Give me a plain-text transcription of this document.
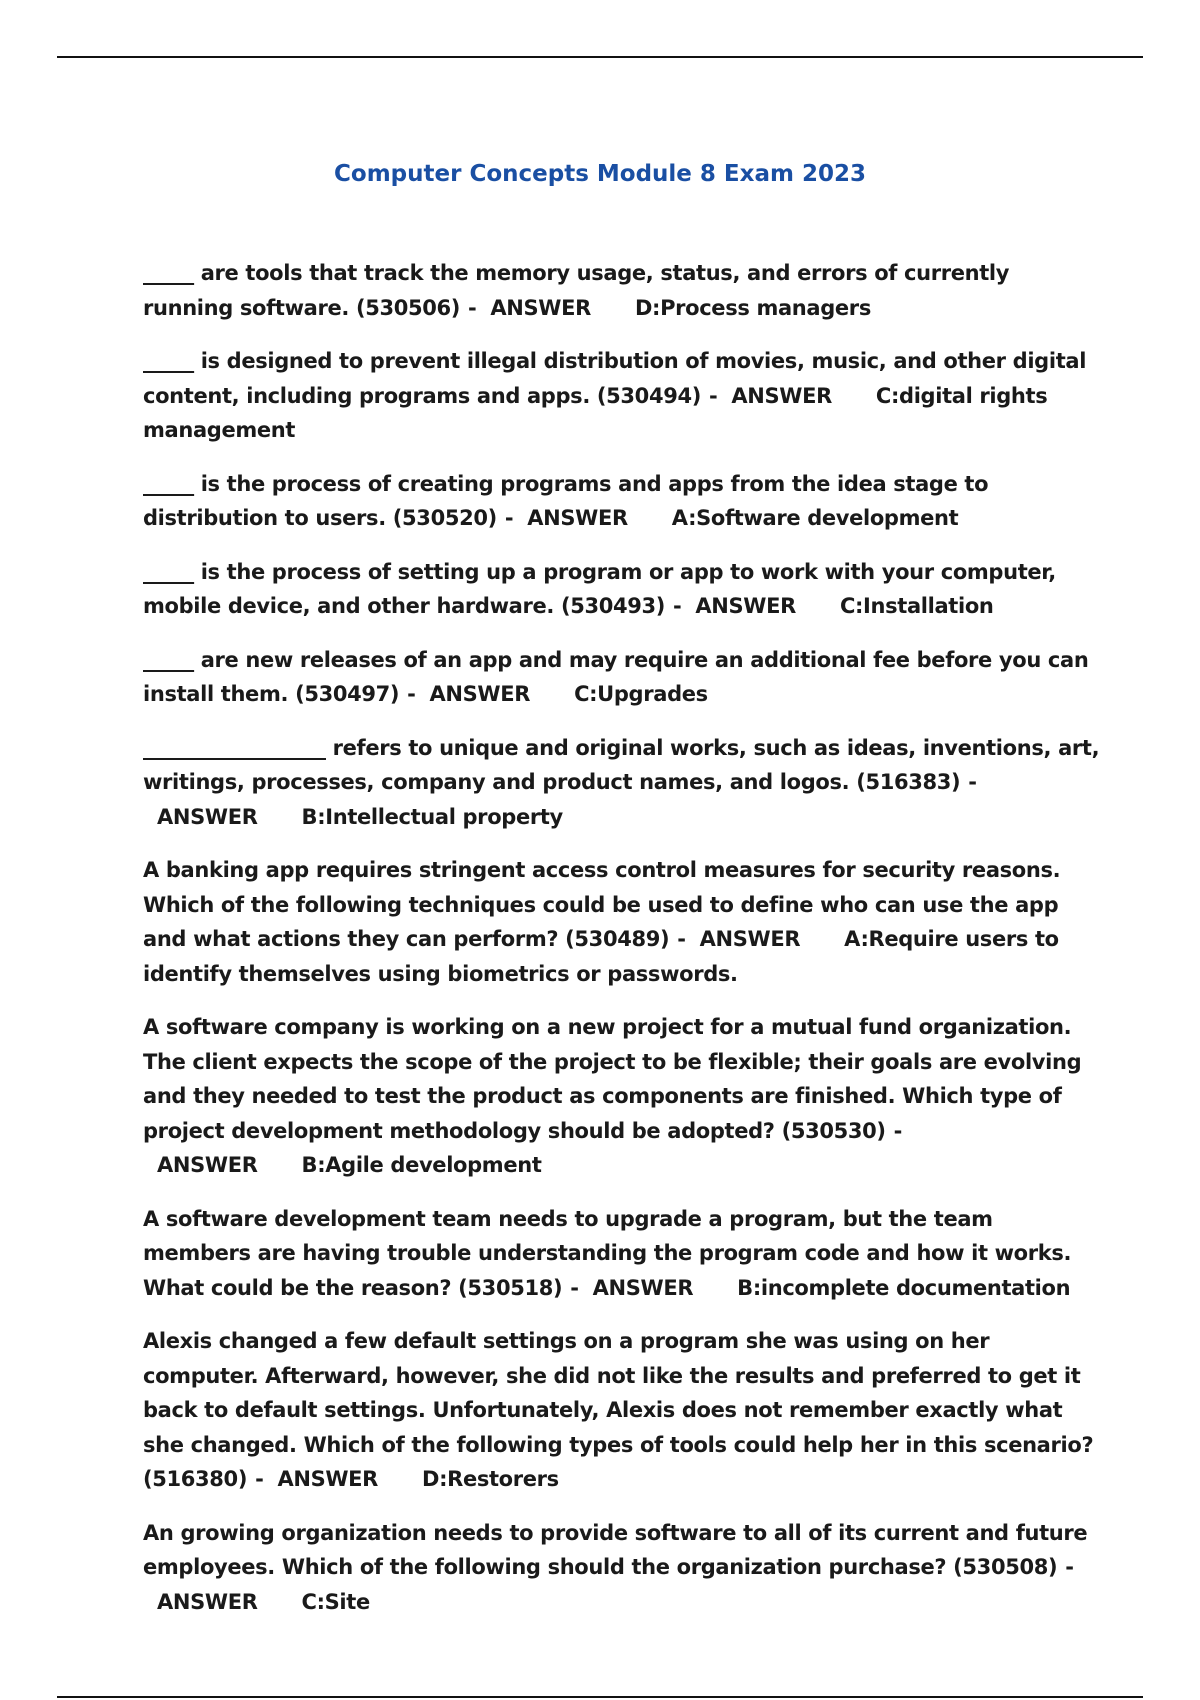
Computer Concepts Module 8 Exam 2023

_____ are tools that track the memory usage, status, and errors of currently running software. (530506) - ANSWER D:Process managers

_____ is designed to prevent illegal distribution of movies, music, and other digital content, including programs and apps. (530494) - ANSWER C:digital rights management

_____ is the process of creating programs and apps from the idea stage to distribution to users. (530520) - ANSWER A:Software development

_____ is the process of setting up a program or app to work with your computer, mobile device, and other hardware. (530493) - ANSWER C:Installation

_____ are new releases of an app and may require an additional fee before you can install them. (530497) - ANSWER C:Upgrades

__________________ refers to unique and original works, such as ideas, inventions, art, writings, processes, company and product names, and logos. (516383) -ANSWER B:Intellectual property

A banking app requires stringent access control measures for security reasons. Which of the following techniques could be used to define who can use the app and what actions they can perform? (530489) - ANSWER A:Require users to identify themselves using biometrics or passwords.

A software company is working on a new project for a mutual fund organization. The client expects the scope of the project to be flexible; their goals are evolving and they needed to test the product as components are finished. Which type of project development methodology should be adopted? (530530) -ANSWER B:Agile development

A software development team needs to upgrade a program, but the team members are having trouble understanding the program code and how it works. What could be the reason? (530518) - ANSWER B:incomplete documentation

Alexis changed a few default settings on a program she was using on her computer. Afterward, however, she did not like the results and preferred to get it back to default settings. Unfortunately, Alexis does not remember exactly what she changed. Which of the following types of tools could help her in this scenario? (516380) - ANSWER D:Restorers

An growing organization needs to provide software to all of its current and future employees. Which of the following should the organization purchase? (530508) -ANSWER C:Site
